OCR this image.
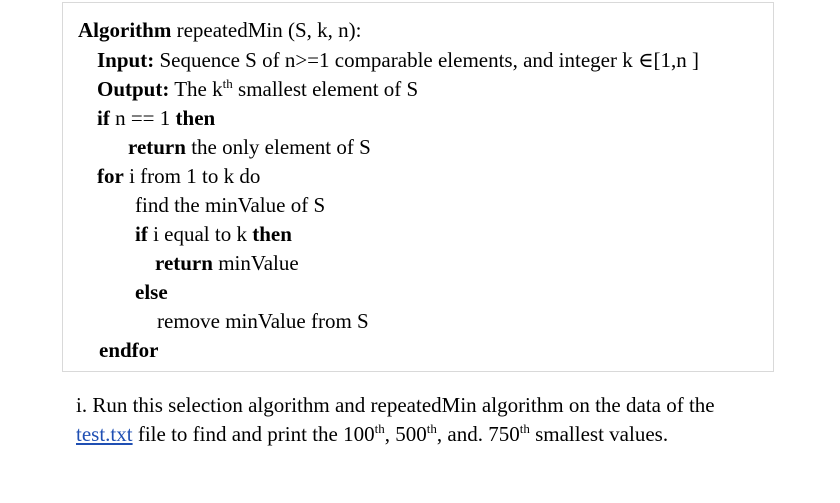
Algorithm repeatedMin (S, k, n):
Input: Sequence S of n>=1 comparable elements, and integer k ∈[1,n ]
Output: The $k^{th}$ smallest element of S
if n == 1 then
return the only element of S
for i from 1 to k do
find the minValue of S
if i equal to k then
return minValue
else
remove minValue from S
endfor
i. Run this selection algorithm and repeatedMin algorithm on the data of the
test.txt file to find and print the 100th, 500th, and. 750th smallest values.
